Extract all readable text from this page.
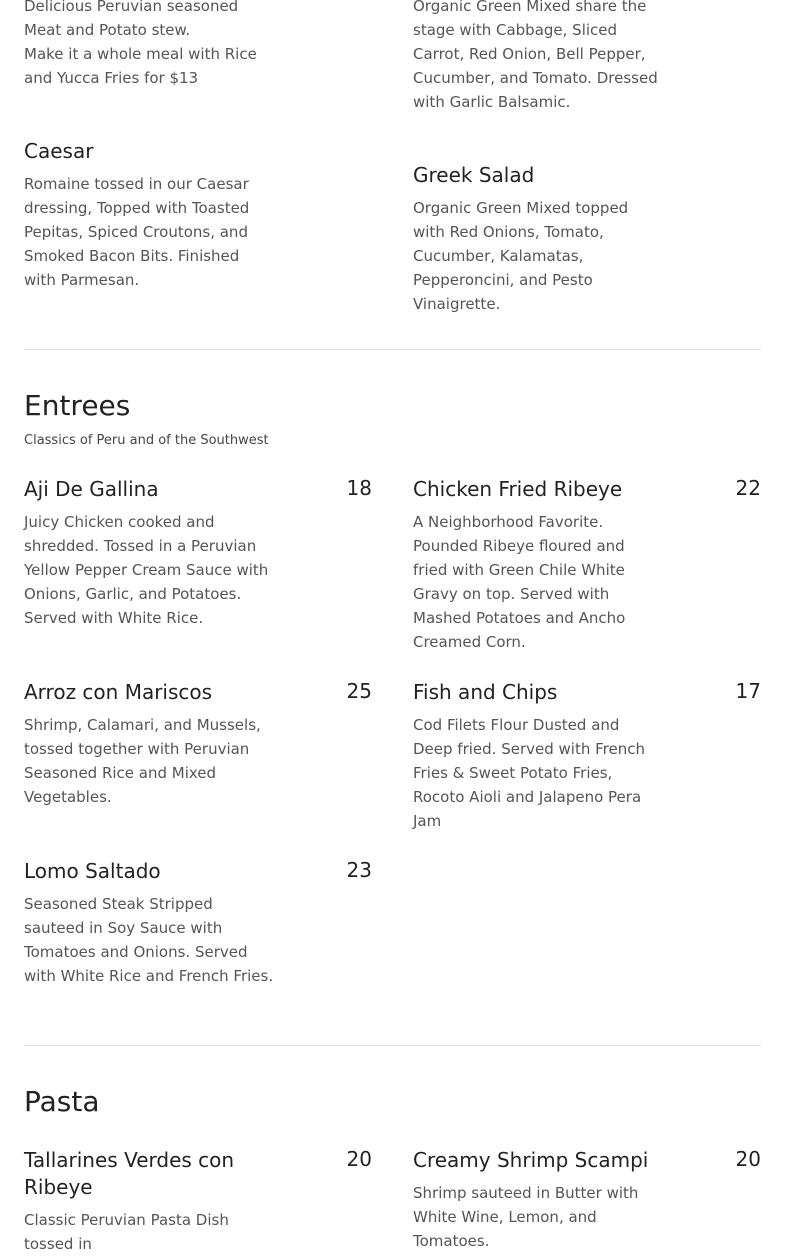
Delicious Peruvian seasoned Meat and Potato stew.

Make it a whole meal with Rice and Yucca Fries for $13

Organic Green Mixed share the stage with Cabbage, Sliced Carrot, Red Onion, Bell Pepper, Cucumber, and Tomato. Dressed with Garlic Balsamic.

Caesar

Romaine tossed in our Caesar dressing, Topped with Toasted Pepitas, Spiced Croutons, and Smoked Bacon Bits. Finished with Parmesan.

Greek Salad

Organic Green Mixed topped with Red Onions, Tomato, Cucumber, Kalamatas, Pepperoncini, and Pesto Vinaigrette.

Entrees

Classics of Peru and of the Southwest

Aji De Gallina	18

Juicy Chicken cooked and shredded. Tossed in a Peruvian Yellow Pepper Cream Sauce with Onions, Garlic, and Potatoes. Served with White Rice.

Chicken Fried Ribeye	22

A Neighborhood Favorite. Pounded Ribeye floured and fried with Green Chile White Gravy on top. Served with Mashed Potatoes and Ancho Creamed Corn.

Arroz con Mariscos	25

Shrimp, Calamari, and Mussels, tossed together with Peruvian Seasoned Rice and Mixed Vegetables.

Fish and Chips	17

Cod Filets Flour Dusted and Deep fried. Served with French Fries & Sweet Potato Fries, Rocoto Aioli and Jalapeno Pera Jam

Lomo Saltado	23

Seasoned Steak Stripped sauteed in Soy Sauce with Tomatoes and Onions. Served with White Rice and French Fries.

Pasta
Tallarines Verdes con Ribeye
20

Classic Peruvian Pasta Dish tossed in

Creamy Shrimp Scampi	20

Shrimp sauteed in Butter with White Wine, Lemon, and Tomatoes.
